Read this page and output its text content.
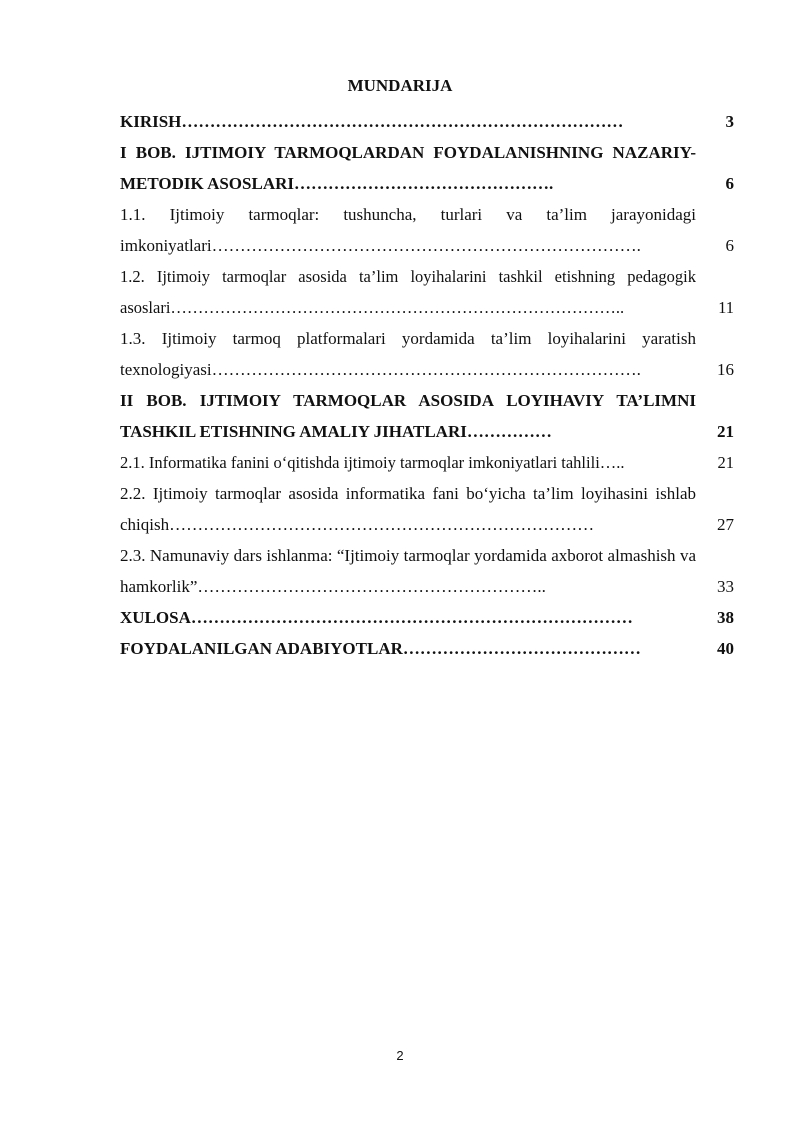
MUNDARIJA
KIRISH……………………………………………………………………	3
I BOB. IJTIMOIY TARMOQLARDAN FOYDALANISHNING NAZARIY-METODIK ASOSLARI……………………………………….	6
1.1. Ijtimoiy tarmoqlar: tushuncha, turlari va ta’lim jarayonidagi imkoniyatlari………………………………………………………………….	6
1.2. Ijtimoiy tarmoqlar asosida ta’lim loyihalarini tashkil etishning pedagogik asoslari………………………………………………………………………..	11
1.3. Ijtimoiy tarmoq platformalari yordamida ta’lim loyihalarini yaratish texnologiyasi………………………………………………………………….	16
II BOB. IJTIMOIY TARMOQLAR ASOSIDA LOYIHAVIY TA’LIMNI TASHKIL ETISHNING AMALIY JIHATLARI……………	21
2.1. Informatika fanini o‘qitishda ijtimoiy tarmoqlar imkoniyatlari tahlili…..	21
2.2. Ijtimoiy tarmoqlar asosida informatika fani bo‘yicha ta’lim loyihasini ishlab chiqish…………………………………………………………………	27
2.3. Namunaviy dars ishlanma: “Ijtimoiy tarmoqlar yordamida axborot almashish va hamkorlik”……………………………………………………..	33
XULOSA……………………………………………………………………	38
FOYDALANILGAN ADABIYOTLAR……………………………………	40
2
